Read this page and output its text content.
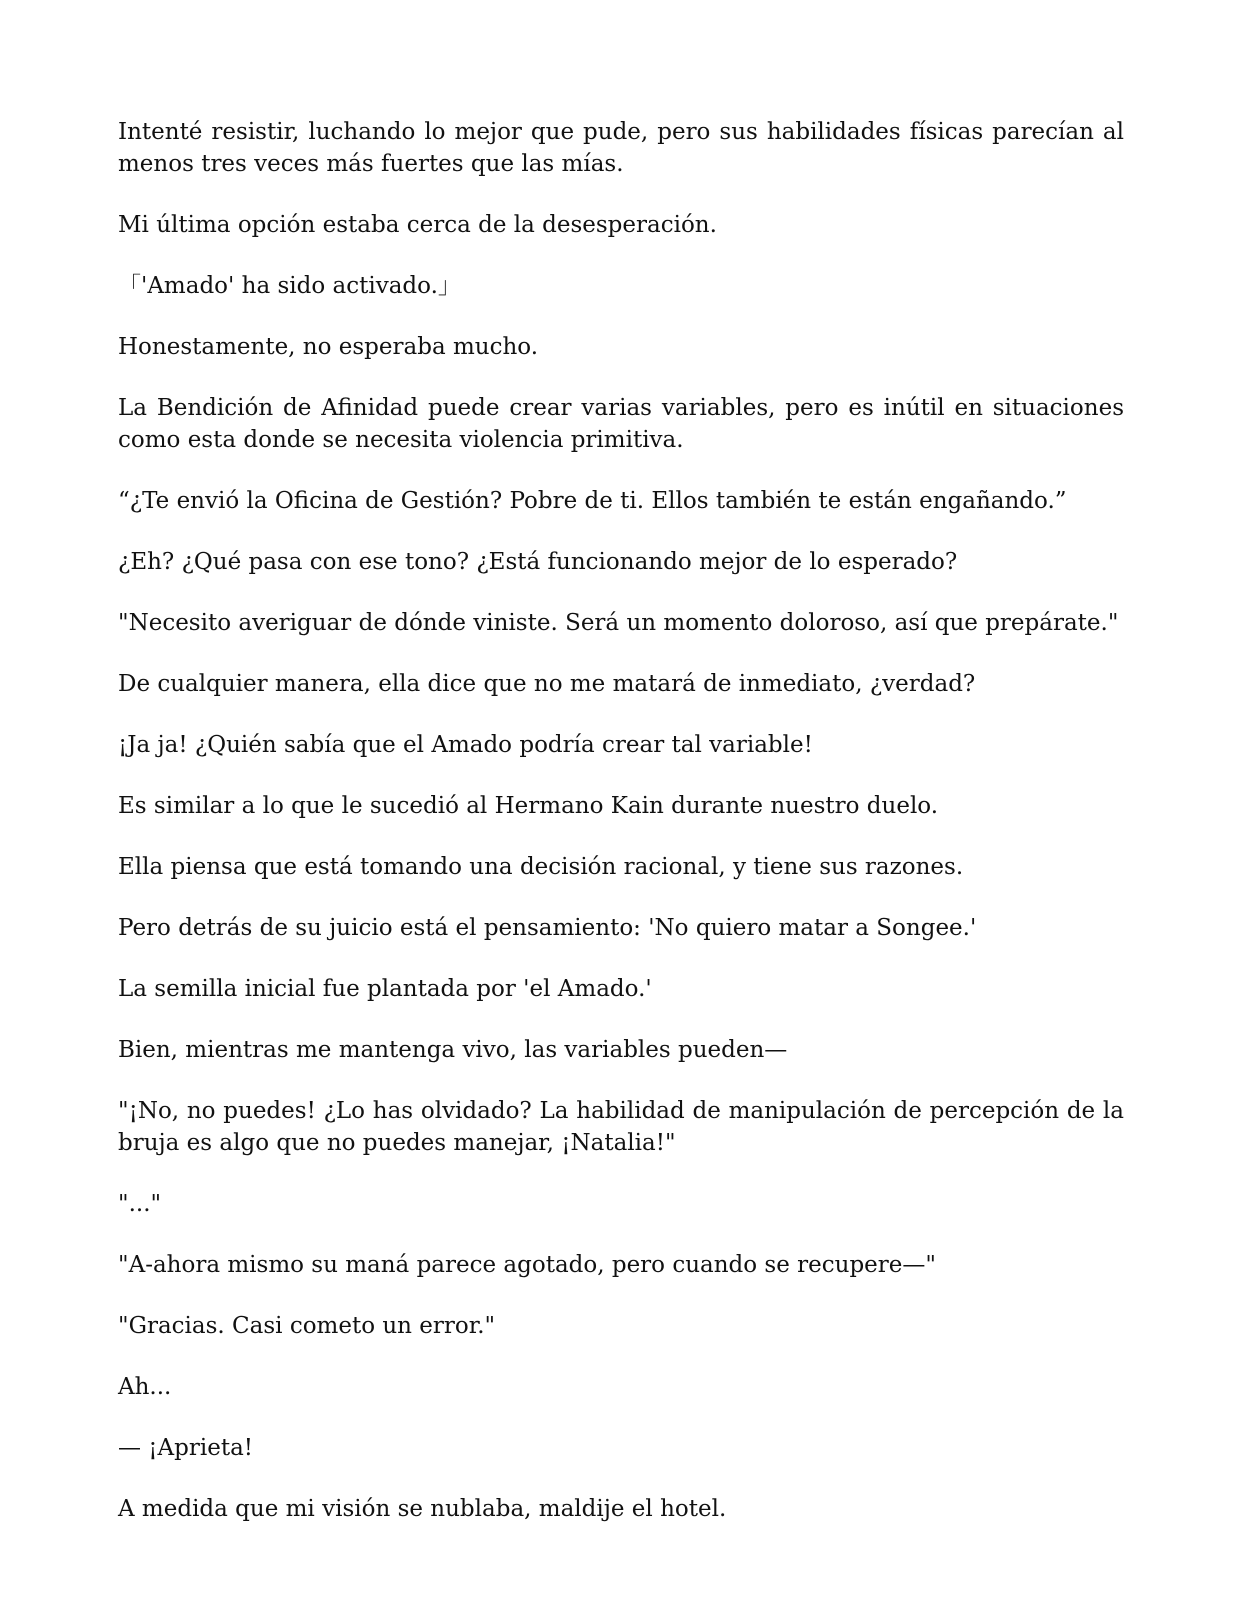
Intenté resistir, luchando lo mejor que pude, pero sus habilidades físicas parecían al menos tres veces más fuertes que las mías.

Mi última opción estaba cerca de la desesperación.

「'Amado' ha sido activado.」

Honestamente, no esperaba mucho.

La Bendición de Afinidad puede crear varias variables, pero es inútil en situaciones como esta donde se necesita violencia primitiva.

“¿Te envió la Oficina de Gestión? Pobre de ti. Ellos también te están engañando.”

¿Eh? ¿Qué pasa con ese tono? ¿Está funcionando mejor de lo esperado?

"Necesito averiguar de dónde viniste. Será un momento doloroso, así que prepárate."

De cualquier manera, ella dice que no me matará de inmediato, ¿verdad?

¡Ja ja! ¿Quién sabía que el Amado podría crear tal variable!

Es similar a lo que le sucedió al Hermano Kain durante nuestro duelo.

Ella piensa que está tomando una decisión racional, y tiene sus razones.

Pero detrás de su juicio está el pensamiento: 'No quiero matar a Songee.'

La semilla inicial fue plantada por 'el Amado.'

Bien, mientras me mantenga vivo, las variables pueden—

"¡No, no puedes! ¿Lo has olvidado? La habilidad de manipulación de percepción de la bruja es algo que no puedes manejar, ¡Natalia!"

"..."

"A-ahora mismo su maná parece agotado, pero cuando se recupere—"

"Gracias. Casi cometo un error."

Ah...

— ¡Aprieta!

A medida que mi visión se nublaba, maldije el hotel.
